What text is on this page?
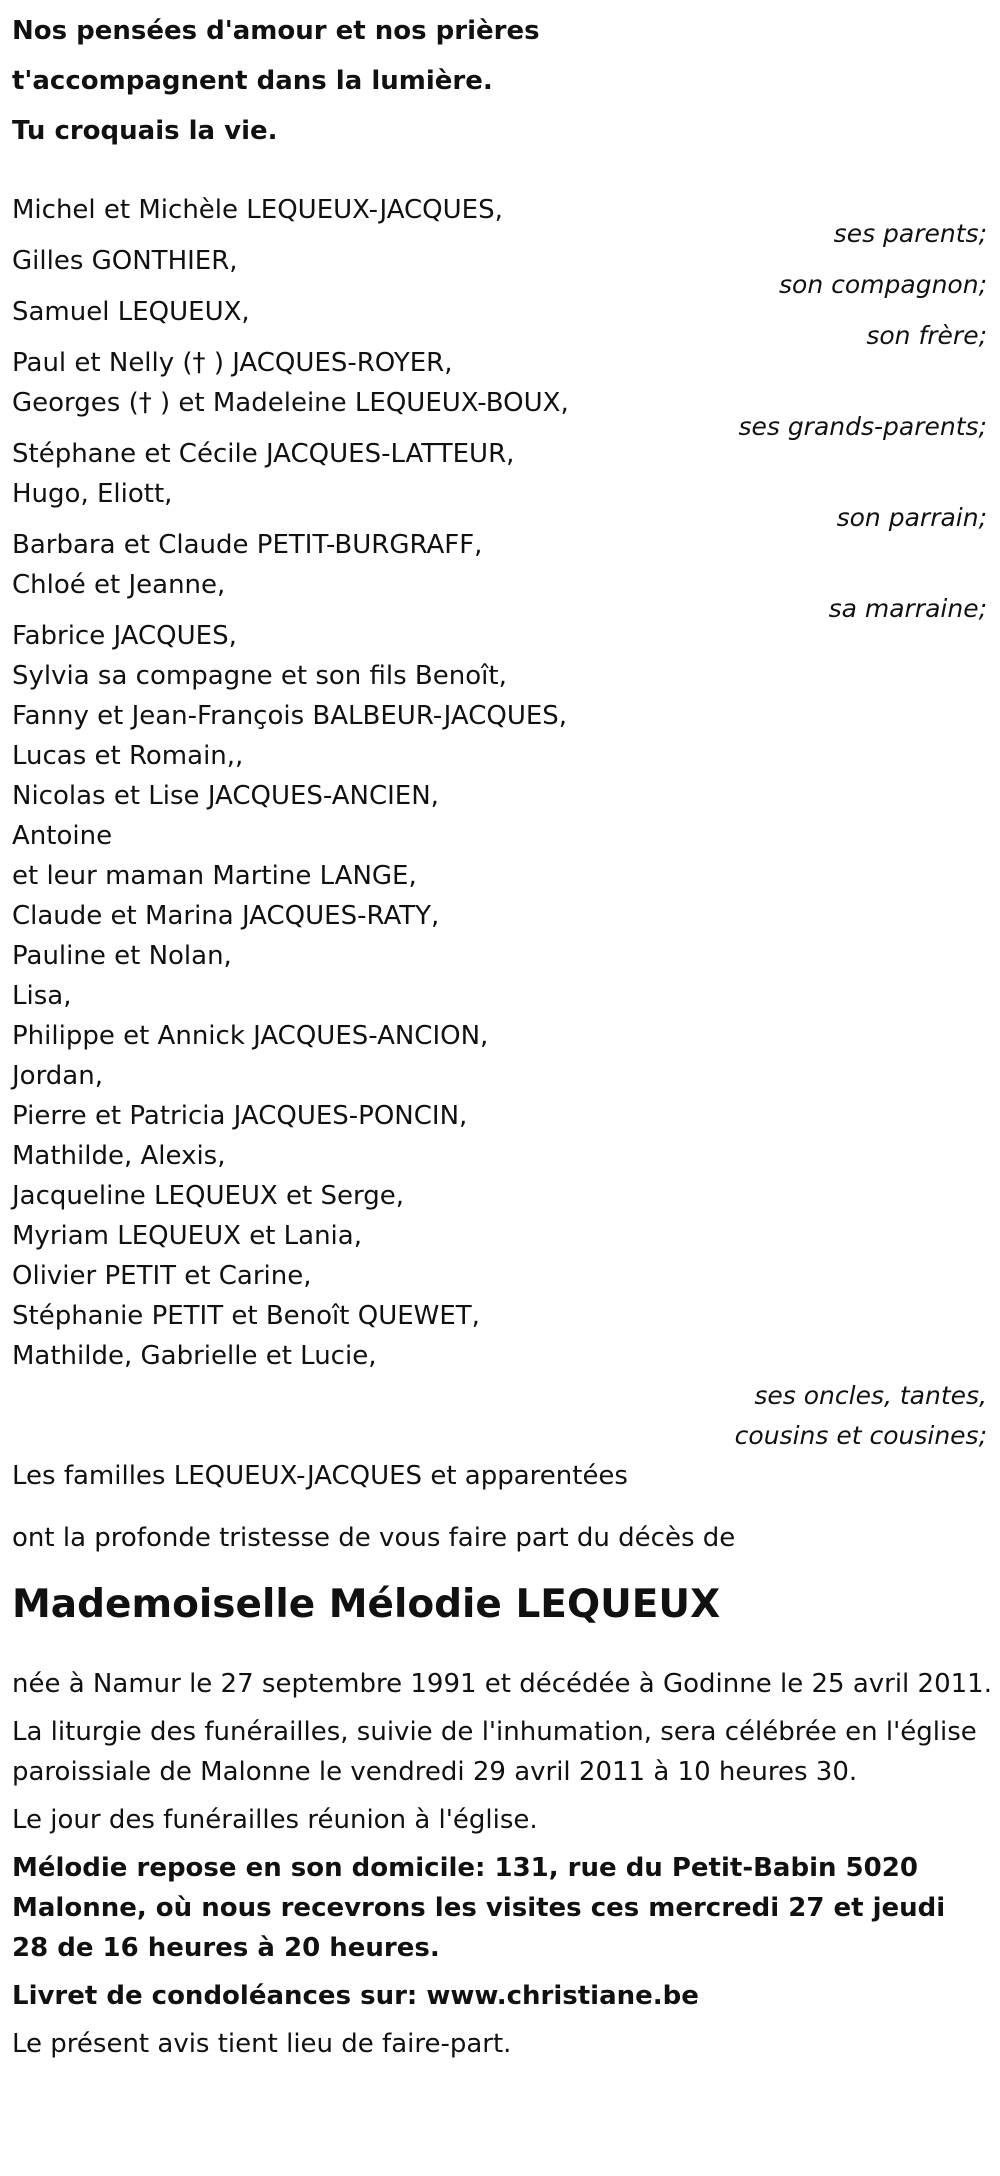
Nos pensées d'amour et nos prières
t'accompagnent dans la lumière.
Tu croquais la vie.
Michel et Michèle LEQUEUX-JACQUES,
ses parents;
Gilles GONTHIER,
son compagnon;
Samuel LEQUEUX,
son frère;
Paul et Nelly († ) JACQUES-ROYER,
Georges († ) et Madeleine LEQUEUX-BOUX,
ses grands-parents;
Stéphane et Cécile JACQUES-LATTEUR,
Hugo, Eliott,
son parrain;
Barbara et Claude PETIT-BURGRAFF,
Chloé et Jeanne,
sa marraine;
Fabrice JACQUES,
Sylvia sa compagne et son fils Benoît,
Fanny et Jean-François BALBEUR-JACQUES,
Lucas et Romain,,
Nicolas et Lise JACQUES-ANCIEN,
Antoine
et leur maman Martine LANGE,
Claude et Marina JACQUES-RATY,
Pauline et Nolan,
Lisa,
Philippe et Annick JACQUES-ANCION,
Jordan,
Pierre et Patricia JACQUES-PONCIN,
Mathilde, Alexis,
Jacqueline LEQUEUX et Serge,
Myriam LEQUEUX et Lania,
Olivier PETIT et Carine,
Stéphanie PETIT et Benoît QUEWET,
Mathilde, Gabrielle et Lucie,
ses oncles, tantes,
cousins et cousines;
Les familles LEQUEUX-JACQUES et apparentées
ont la profonde tristesse de vous faire part du décès de
Mademoiselle Mélodie LEQUEUX
née à Namur le 27 septembre 1991 et décédée à Godinne le 25 avril 2011.
La liturgie des funérailles, suivie de l'inhumation, sera célébrée en l'église paroissiale de Malonne le vendredi 29 avril 2011 à 10 heures 30.
Le jour des funérailles réunion à l'église.
Mélodie repose en son domicile: 131, rue du Petit-Babin 5020 Malonne, où nous recevrons les visites ces mercredi 27 et jeudi 28 de 16 heures à 20 heures.
Livret de condoléances sur: www.christiane.be
Le présent avis tient lieu de faire-part.
